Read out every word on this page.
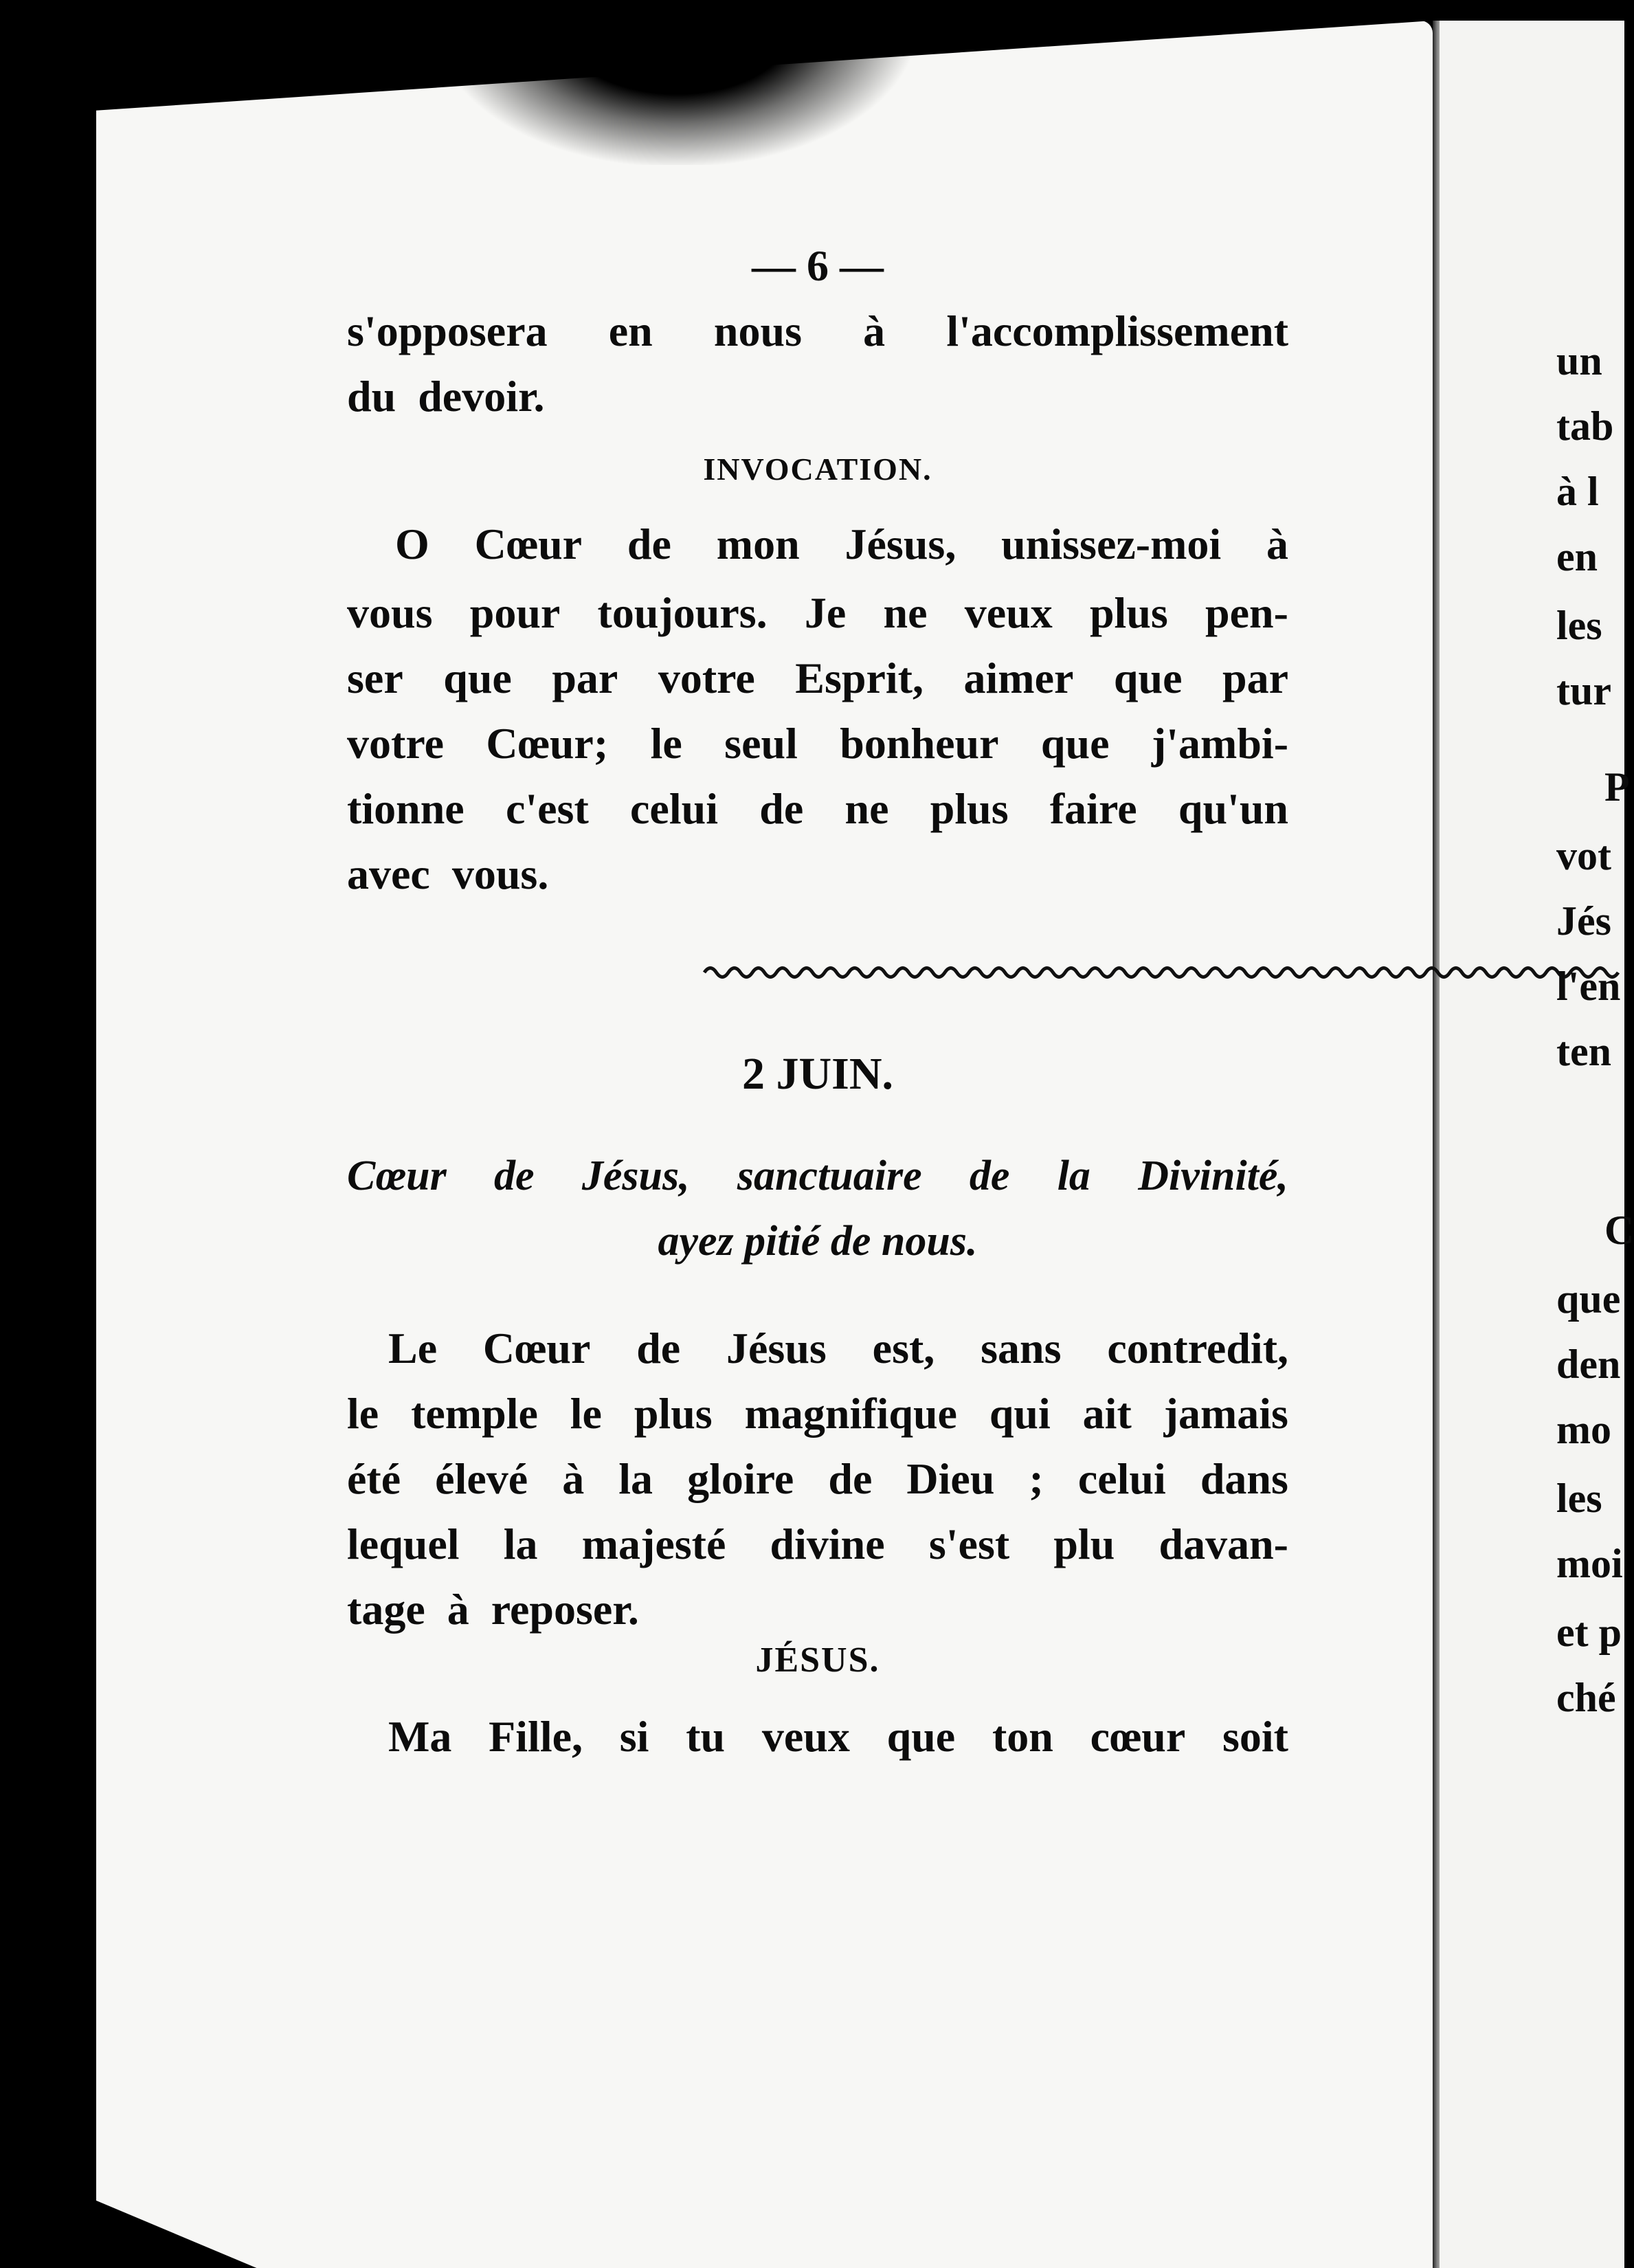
— 6 —
s'opposera en nous à l'accomplissement
du devoir.
INVOCATION.
O Cœur de mon Jésus, unissez-moi à
vous pour toujours. Je ne veux plus pen-
ser que par votre Esprit, aimer que par
votre Cœur; le seul bonheur que j'ambi-
tionne c'est celui de ne plus faire qu'un
avec vous.
2 JUIN.
Cœur de Jésus, sanctuaire de la Divinité,
ayez pitié de nous.
Le Cœur de Jésus est, sans contredit,
le temple le plus magnifique qui ait jamais
été élevé à la gloire de Dieu ; celui dans
lequel la majesté divine s'est plu davan-
tage à reposer.
JÉSUS.
Ma Fille, si tu veux que ton cœur soit
un
tab
à l
en
les
tur
P
vot
Jés
l'en
ten
C
que
den
mo
les
moi
et p
ché
